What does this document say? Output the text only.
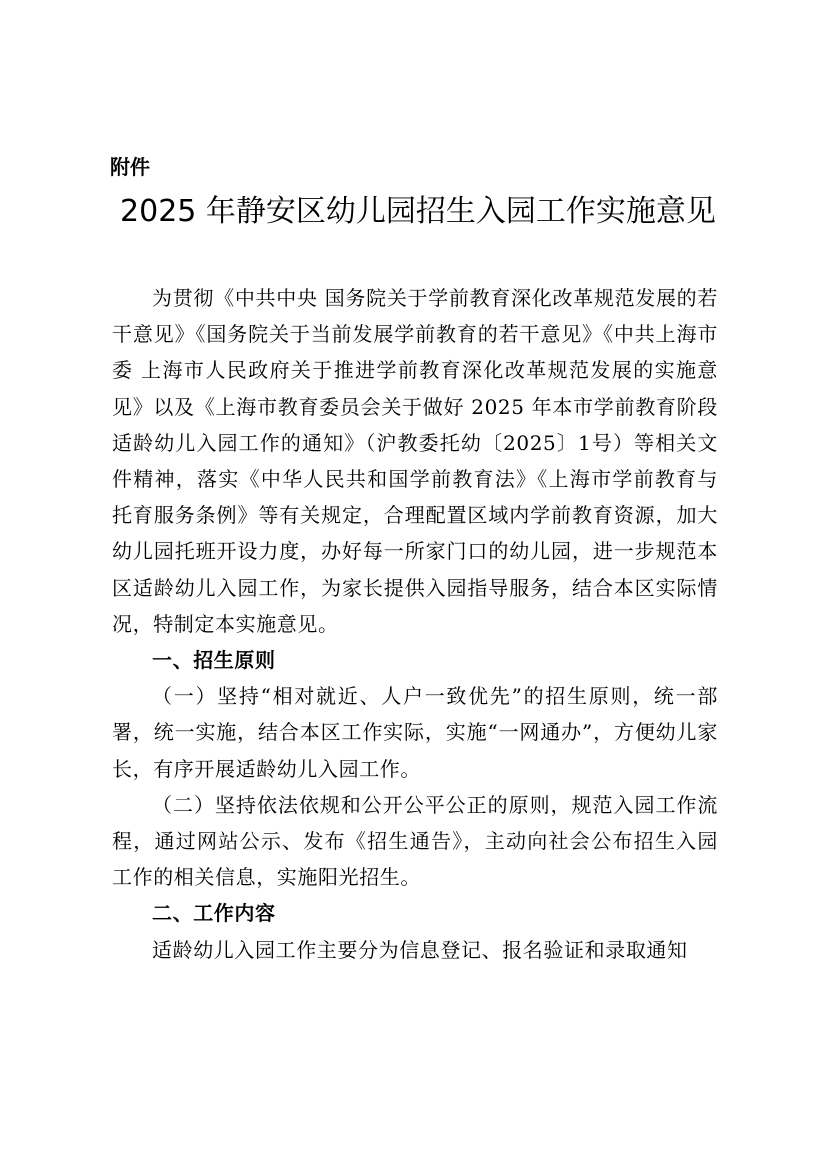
附件
2025 年静安区幼儿园招生入园工作实施意见

为贯彻《中共中央 国务院关于学前教育深化改革规范发展的若干意见》《国务院关于当前发展学前教育的若干意见》《中共上海市委 上海市人民政府关于推进学前教育深化改革规范发展的实施意见》以及《上海市教育委员会关于做好 2025 年本市学前教育阶段适龄幼儿入园工作的通知》（沪教委托幼〔2025〕1号）等相关文件精神，落实《中华人民共和国学前教育法》《上海市学前教育与托育服务条例》等有关规定，合理配置区域内学前教育资源，加大幼儿园托班开设力度，办好每一所家门口的幼儿园，进一步规范本区适龄幼儿入园工作，为家长提供入园指导服务，结合本区实际情况，特制定本实施意见。

一、招生原则

（一）坚持“相对就近、人户一致优先”的招生原则，统一部署，统一实施，结合本区工作实际，实施“一网通办”，方便幼儿家长，有序开展适龄幼儿入园工作。

（二）坚持依法依规和公开公平公正的原则，规范入园工作流程，通过网站公示、发布《招生通告》，主动向社会公布招生入园工作的相关信息，实施阳光招生。

二、工作内容

适龄幼儿入园工作主要分为信息登记、报名验证和录取通知
